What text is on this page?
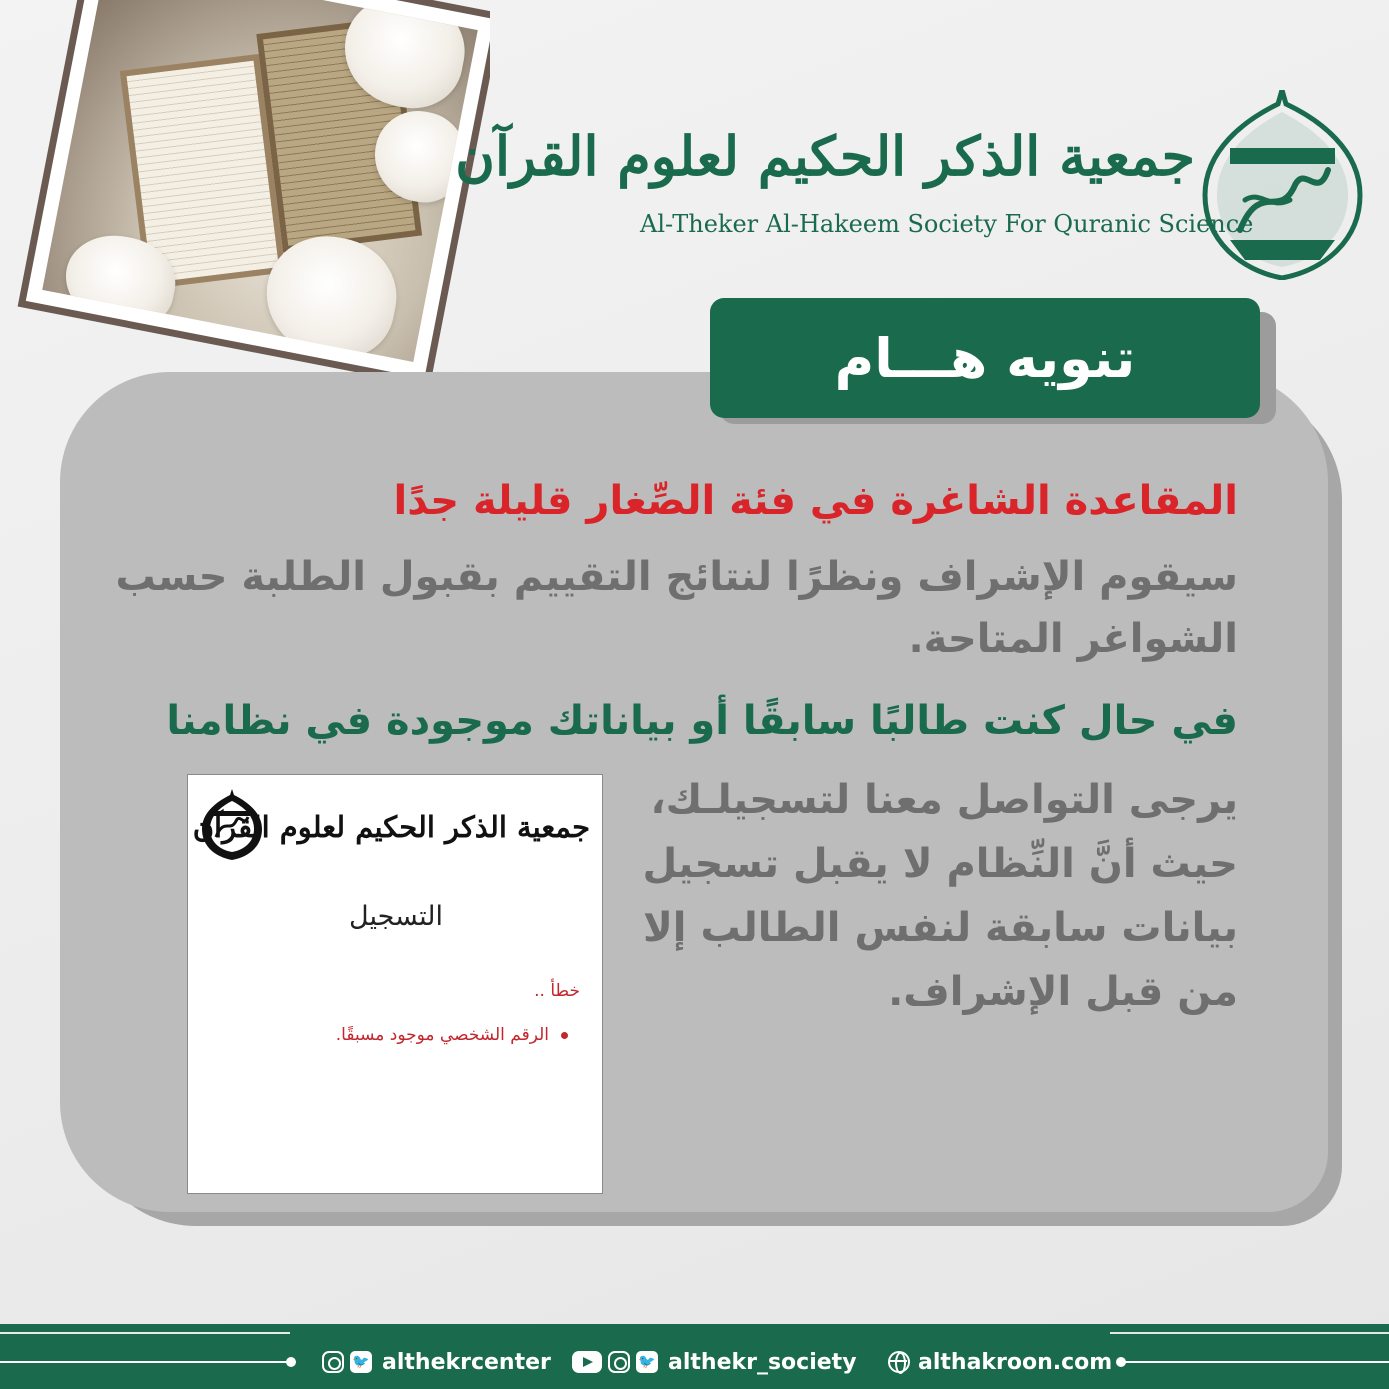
جمعية الذكر الحكيم لعلوم القرآن
Al-Theker Al-Hakeem Society For Quranic Science
تنويه هـــام
المقاعدة الشاغرة في فئة الصِّغار قليلة جدًا
سيقوم الإشراف ونظرًا لنتائج التقييم بقبول الطلبة حسب
الشواغر المتاحة.
في حال كنت طالبًا سابقًا أو بياناتك موجودة في نظامنا
يرجى التواصل معنا لتسجيلـك،
حيث أنَّ النِّظام لا يقبل تسجيل
بيانات سابقة لنفس الطالب إلا
من قبل الإشراف.
جمعية الذكر الحكيم لعلوم القرآن
التسجيل
خطأ ..
الرقم الشخصي موجود مسبقًا.
🐦
althekrcenter
🐦	althekr_society	althakroon.com
